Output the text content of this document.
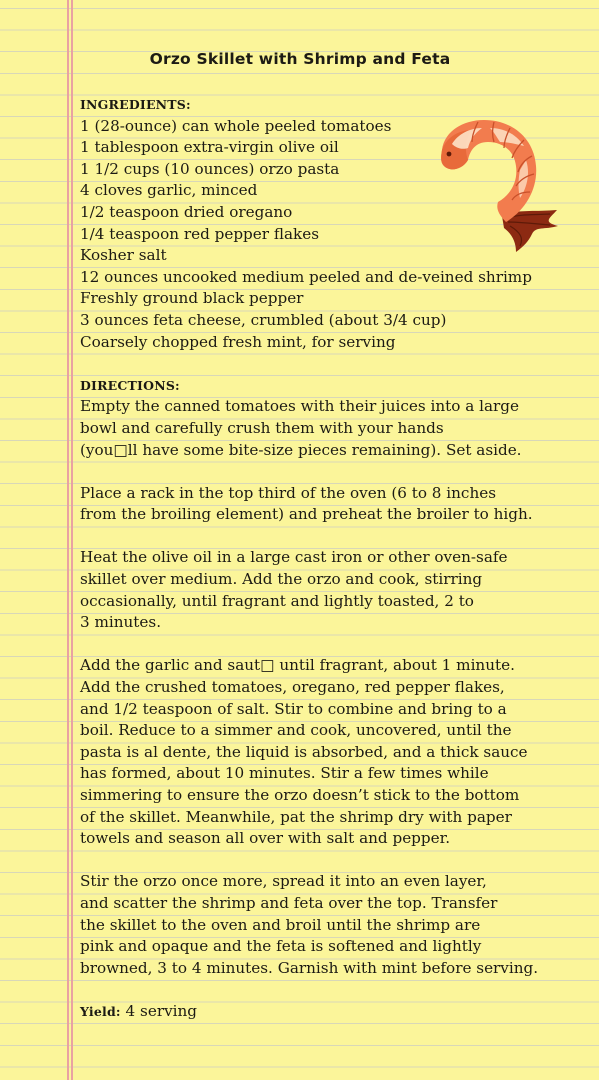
Orzo Skillet with Shrimp and Feta
INGREDIENTS:
1 (28-ounce) can whole peeled tomatoes
1 tablespoon extra-virgin olive oil
1 1/2 cups (10 ounces) orzo pasta
4 cloves garlic, minced
1/2 teaspoon dried oregano
1/4 teaspoon red pepper flakes
Kosher salt
12 ounces uncooked medium peeled and de-veined shrimp
Freshly ground black pepper
3 ounces feta cheese, crumbled (about 3/4 cup)
Coarsely chopped fresh mint, for serving
DIRECTIONS:
Empty the canned tomatoes with their juices into a large
bowl and carefully crush them with your hands
(you□ll have some bite-size pieces remaining). Set aside.
Place a rack in the top third of the oven (6 to 8 inches
from the broiling element) and preheat the broiler to high.
Heat the olive oil in a large cast iron or other oven-safe
skillet over medium. Add the orzo and cook, stirring
occasionally, until fragrant and lightly toasted, 2 to
3 minutes.
Add the garlic and saut□ until fragrant, about 1 minute.
Add the crushed tomatoes, oregano, red pepper flakes,
and 1/2 teaspoon of salt. Stir to combine and bring to a
boil. Reduce to a simmer and cook, uncovered, until the
pasta is al dente, the liquid is absorbed, and a thick sauce
has formed, about 10 minutes. Stir a few times while
simmering to ensure the orzo doesn’t stick to the bottom
of the skillet. Meanwhile, pat the shrimp dry with paper
towels and season all over with salt and pepper.
Stir the orzo once more, spread it into an even layer,
and scatter the shrimp and feta over the top. Transfer
the skillet to the oven and broil until the shrimp are
pink and opaque and the feta is softened and lightly
browned, 3 to 4 minutes. Garnish with mint before serving.
Yield: 4 serving
